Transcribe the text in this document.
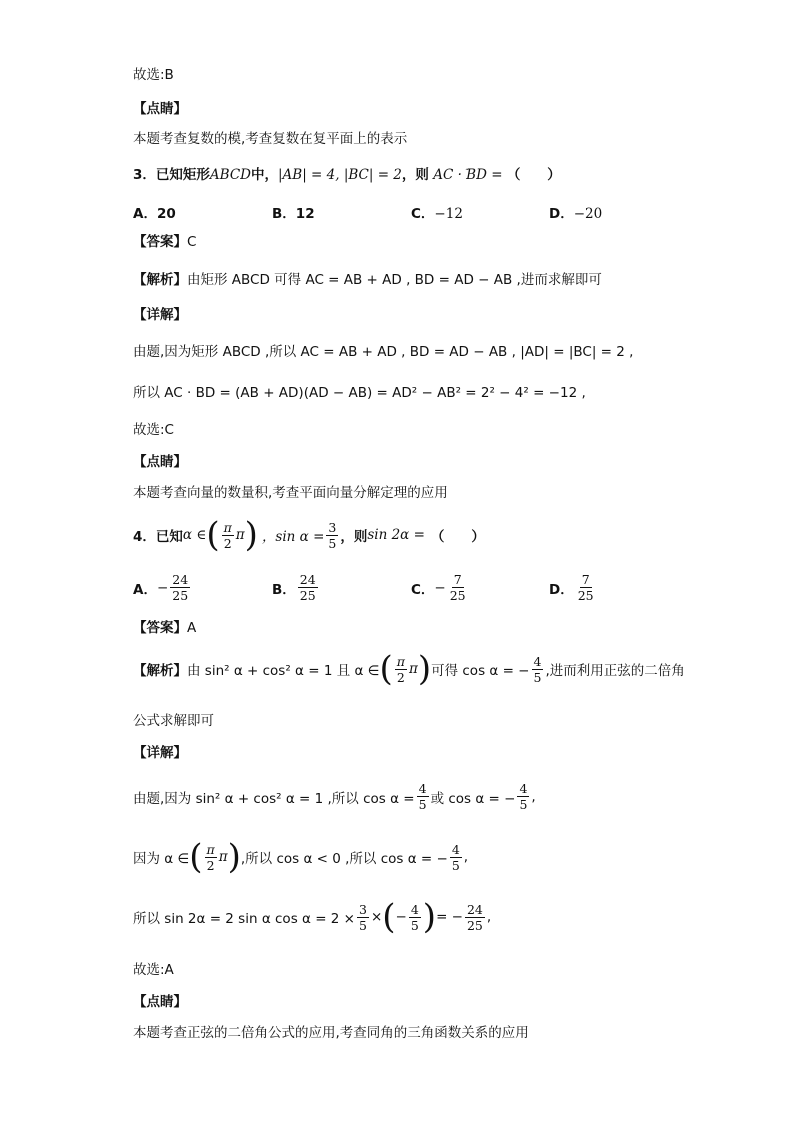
故选:B
【点睛】
本题考查复数的模,考查复数在复平面上的表示
3．已知矩形ABCD中，|AB| = 4, |BC| = 2，则 ꞈꞈ AC · BD = （　　）
A．20	B．12	C．−12	D．−20
【答案】C
【解析】由矩形 ABCD 可得 AC = AB + AD , BD = AD − AB ,进而求解即可
【详解】
由题,因为矩形 ABCD ,所以 AC = AB + AD , BD = AD − AB , |AD| = |BC| = 2 ,
所以 AC · BD = (AB + AD)(AD − AB) = AD² − AB² = 2² − 4² = −12 ,
故选:C
【点睛】
本题考查向量的数量积,考查平面向量分解定理的应用
4．已知 α ∈ ( $\frac{\pi}{2}$ π ) ，$\sin \alpha = \frac{3}{5}$ ，则 sin 2α = （　　）
A． − $\frac{24}{25}$	B． $\frac{24}{25}$	C． − $\frac{7}{25}$	D． $\frac{7}{25}$
【答案】A
【解析】 由 sin² α + cos² α = 1 且 α ∈ ( $\frac{\pi}{2}$ π ) 可得 cos α = − $\frac{4}{5}$ ,进而利用正弦的二倍角
公式求解即可
【详解】
由题,因为 sin² α + cos² α = 1 ,所以 $\cos \alpha = \frac{4}{5}$ 或 cos α = − $\frac{4}{5}$ ,
因为 α ∈ ( $\frac{\pi}{2}$ π ) ,所以 cos α < 0 ,所以 cos α = − $\frac{4}{5}$ ,
所以 sin 2α = 2 sin α $\cos \alpha = 2 \times \frac{3}{5}$ × ( − $\frac{4}{5}$ ) = − $\frac{24}{25}$ ,
故选:A
【点睛】
本题考查正弦的二倍角公式的应用,考查同角的三角函数关系的应用
